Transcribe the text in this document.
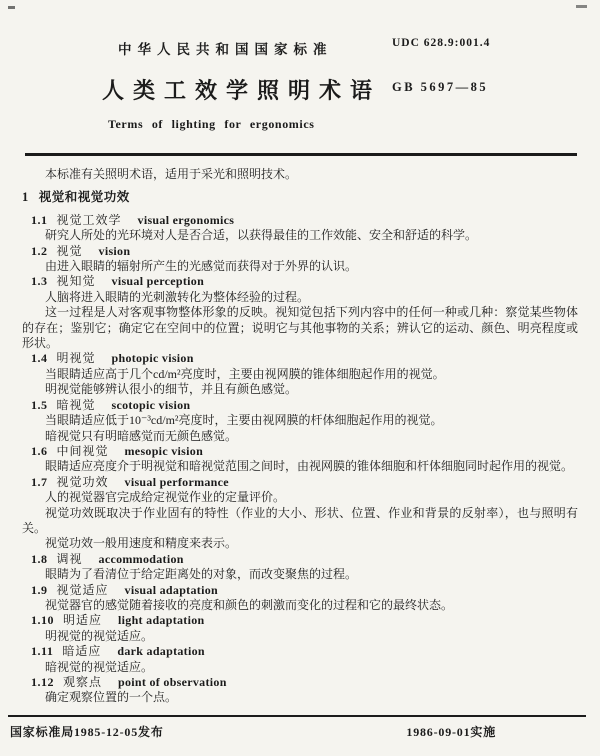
中华人民共和国国家标准	UDC 628.9:001.4
人类工效学照明术语 GB 5697—85
Terms of lighting for ergonomics

本标准有关照明术语，适用于采光和照明技术。

1 视觉和视觉功效
1.1 视觉工效学 visual ergonomics

研究人所处的光环境对人是否合适，以获得最佳的工作效能、安全和舒适的科学。

1.2 视觉 vision

由进入眼睛的辐射所产生的光感觉而获得对于外界的认识。

1.3 视知觉 visual perception

人脑将进入眼睛的光刺激转化为整体经验的过程。

这一过程是人对客观事物整体形象的反映。视知觉包括下列内容中的任何一种或几种：察觉某些物体的存在；鉴别它；确定它在空间中的位置；说明它与其他事物的关系；辨认它的运动、颜色、明亮程度或形状。

1.4 明视觉 photopic vision

当眼睛适应高于几个cd/m²亮度时，主要由视网膜的锥体细胞起作用的视觉。

明视觉能够辨认很小的细节，并且有颜色感觉。

1.5 暗视觉 scotopic vision

当眼睛适应低于10⁻³cd/m²亮度时，主要由视网膜的杆体细胞起作用的视觉。

暗视觉只有明暗感觉而无颜色感觉。

1.6 中间视觉 mesopic vision

眼睛适应亮度介于明视觉和暗视觉范围之间时，由视网膜的锥体细胞和杆体细胞同时起作用的视觉。

1.7 视觉功效 visual performance

人的视觉器官完成给定视觉作业的定量评价。

视觉功效既取决于作业固有的特性（作业的大小、形状、位置、作业和背景的反射率），也与照明有关。

视觉功效一般用速度和精度来表示。

1.8 调视 accommodation

眼睛为了看清位于给定距离处的对象，而改变聚焦的过程。

1.9 视觉适应 visual adaptation

视觉器官的感觉随着接收的亮度和颜色的刺激而变化的过程和它的最终状态。

1.10 明适应 light adaptation

明视觉的视觉适应。

1.11 暗适应 dark adaptation

暗视觉的视觉适应。

1.12 观察点 point of observation

确定观察位置的一个点。

国家标准局1985-12-05发布	1986-09-01实施
